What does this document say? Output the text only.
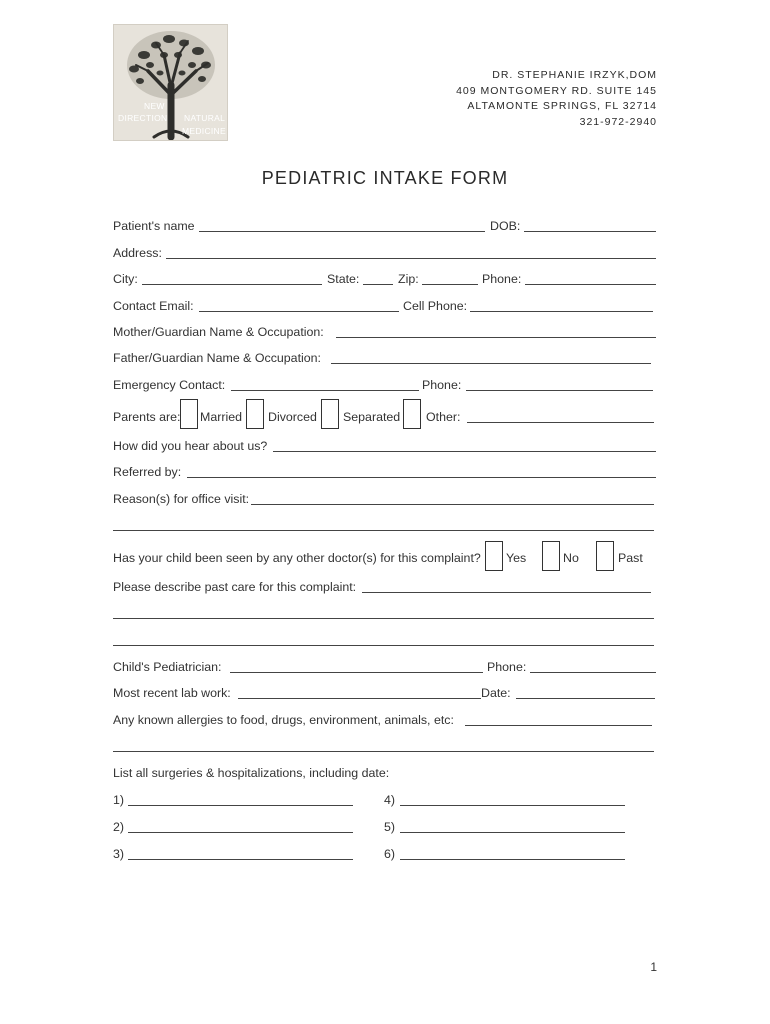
NEW
DIRECTION NATURAL
MEDICINE
DR. STEPHANIE IRZYK,DOM
409 MONTGOMERY RD. SUITE 145
ALTAMONTE SPRINGS, FL 32714
321-972-2940
PEDIATRIC INTAKE FORM
Patient's name	DOB:
Address:
City:	State:	Zip:	Phone:
Contact Email:	Cell Phone:
Mother/Guardian Name & Occupation:
Father/Guardian Name & Occupation:
Emergency Contact:	Phone:
Parents are: Married Divorced Separated Other:
How did you hear about us?
Referred by:
Reason(s) for office visit:
Has your child been seen by any other doctor(s) for this complaint? Yes	No	Past
Please describe past care for this complaint:
Child's Pediatrician:	Phone:
Most recent lab work:	Date:
Any known allergies to food, drugs, environment, animals, etc:
List all surgeries & hospitalizations, including date:
1)	4)
2)	5)
3)	6)
1
